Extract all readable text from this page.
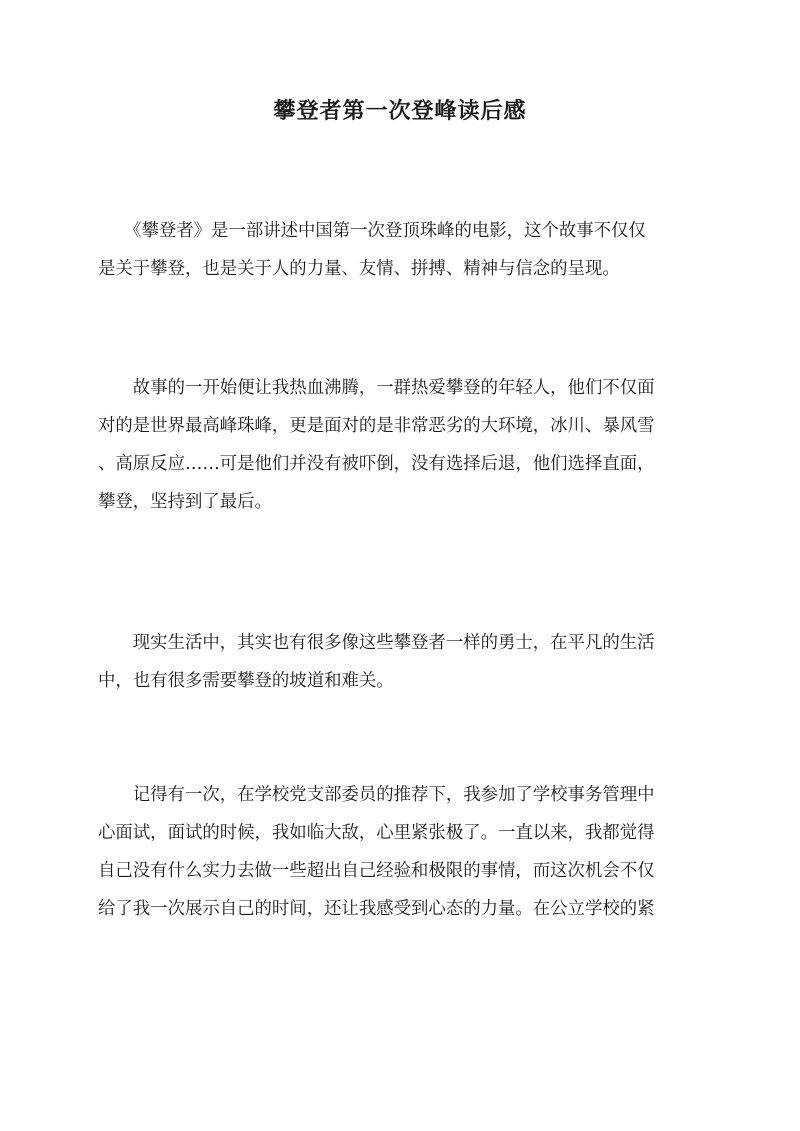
攀登者第一次登峰读后感
　　《攀登者》是一部讲述中国第一次登顶珠峰的电影，这个故事不仅仅
是关于攀登，也是关于人的力量、友情、拼搏、精神与信念的呈现。
　　故事的一开始便让我热血沸腾，一群热爱攀登的年轻人，他们不仅面
对的是世界最高峰珠峰，更是面对的是非常恶劣的大环境，冰川、暴风雪
、高原反应……可是他们并没有被吓倒，没有选择后退，他们选择直面，
攀登，坚持到了最后。
　　现实生活中，其实也有很多像这些攀登者一样的勇士，在平凡的生活
中，也有很多需要攀登的坡道和难关。
　　记得有一次，在学校党支部委员的推荐下，我参加了学校事务管理中
心面试，面试的时候，我如临大敌，心里紧张极了。一直以来，我都觉得
自己没有什么实力去做一些超出自己经验和极限的事情，而这次机会不仅
给了我一次展示自己的时间，还让我感受到心态的力量。在公立学校的紧
